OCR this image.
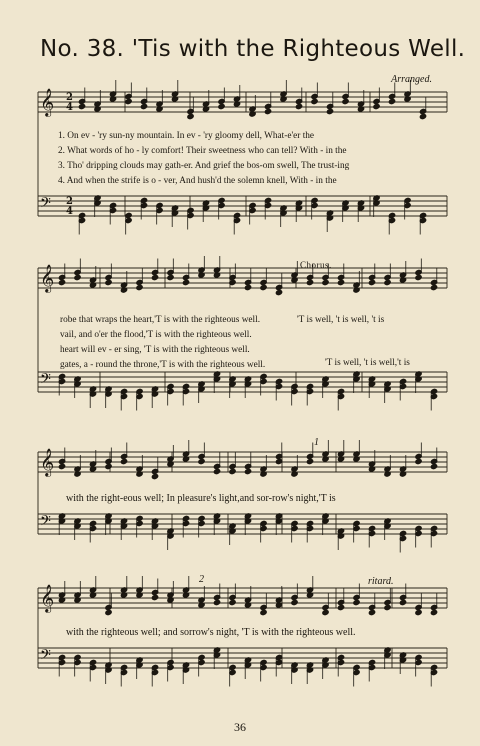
No. 38. 'Tis with the Righteous Well.
Arranged.
𝄞
𝄢
𝄞
𝄢
𝄞
𝄢
𝄞
𝄢
2
4
2
4
1. On ev - 'ry sun-ny mountain. In ev - 'ry gloomy dell, What-e'er the
2. What words of ho - ly comfort! Their sweetness who can tell? With - in the
3. Tho' dripping clouds may gath-er. And grief the bos-om swell, The trust-ing
4. And when the strife is o - ver, And hush'd the solemn knell, With - in the
Chorus.
robe that wraps the heart,'T is with the righteous well.
vail, and o'er the flood,'T is with the righteous well.
heart will ev - er sing, 'T is with the righteous well.
gates, a - round the throne,'T is with the righteous well.
'T is well, 't is well, 't is
'T is well, 't is well,'t is
1
with the right-eous well; In pleasure's light,and sor-row's night,'T is
2	ritard.
with the righteous well; and sorrow's night, 'T is with the righteous well.
36
